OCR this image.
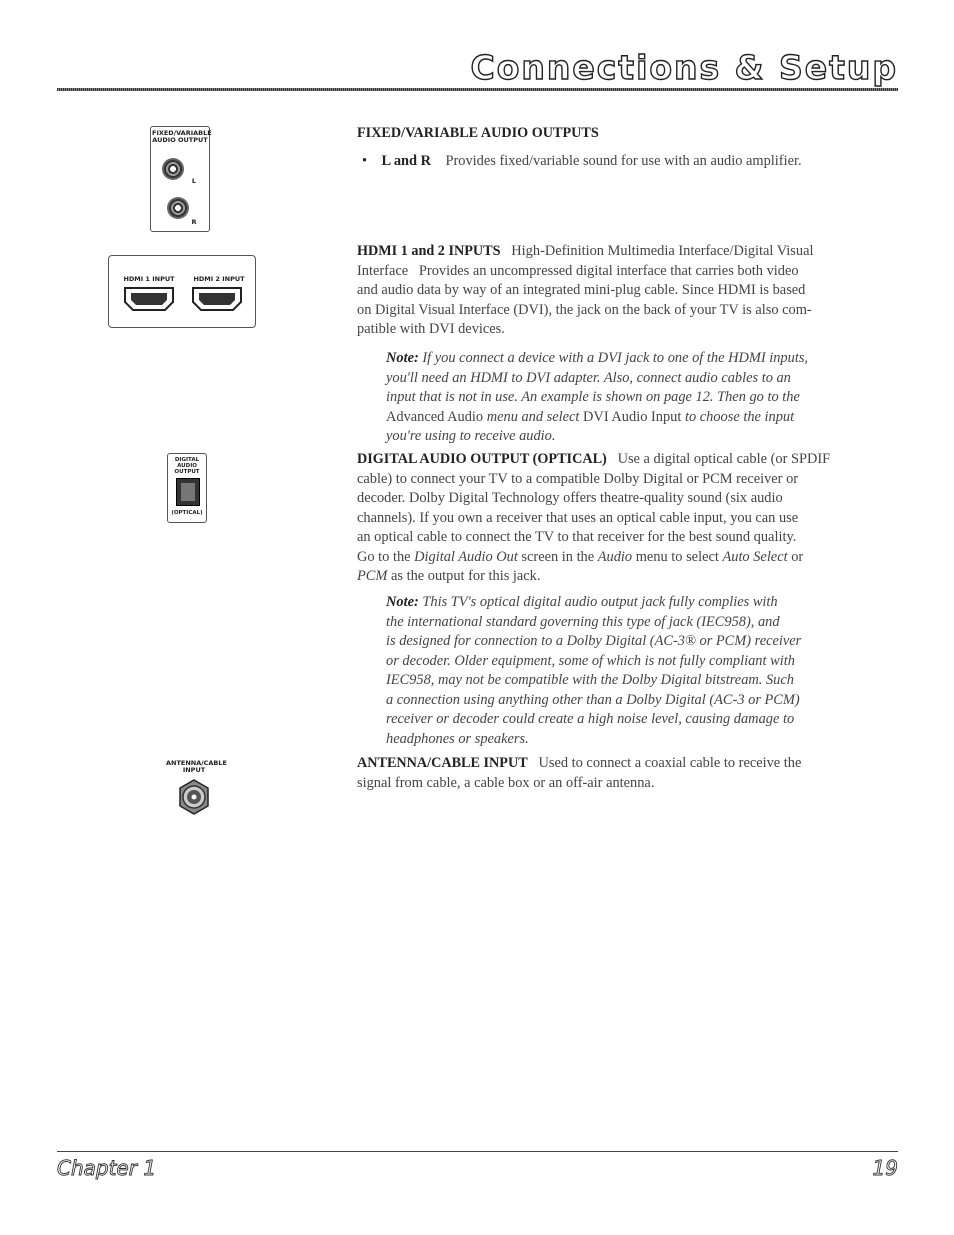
Connections & Setup
FIXED/VARIABLE AUDIO OUTPUT
L
R
HDMI 1 INPUT	HDMI 2 INPUT
DIGITAL AUDIO OUTPUT
(OPTICAL)
ANTENNA/CABLE INPUT
FIXED/VARIABLE AUDIO OUTPUTS
•    L and R Provides fixed/variable sound for use with an audio amplifier.
HDMI 1 and 2 INPUTS High-Definition Multimedia Interface/Digital Visual
Interface   Provides an uncompressed digital interface that carries both video
and audio data by way of an integrated mini-plug cable. Since HDMI is based
on Digital Visual Interface (DVI), the jack on the back of your TV is also com-
patible with DVI devices.
Note: If you connect a device with a DVI jack to one of the HDMI inputs,
you'll need an HDMI to DVI adapter. Also, connect audio cables to an
input that is not in use. An example is shown on page 12. Then go to the
Advanced Audio menu and select DVI Audio Input to choose the input
you're using to receive audio.
DIGITAL AUDIO OUTPUT (OPTICAL) Use a digital optical cable (or SPDIF
cable) to connect your TV to a compatible Dolby Digital or PCM receiver or
decoder. Dolby Digital Technology offers theatre-quality sound (six audio
channels). If you own a receiver that uses an optical cable input, you can use
an optical cable to connect the TV to that receiver for the best sound quality.
Go to the Digital Audio Out screen in the Audio menu to select Auto Select or
PCM as the output for this jack.
Note: This TV's optical digital audio output jack fully complies with
the international standard governing this type of jack (IEC958), and
is designed for connection to a Dolby Digital (AC-3® or PCM) receiver
or decoder. Older equipment, some of which is not fully compliant with
IEC958, may not be compatible with the Dolby Digital bitstream. Such
a connection using anything other than a Dolby Digital (AC-3 or PCM)
receiver or decoder could create a high noise level, causing damage to
headphones or speakers.
ANTENNA/CABLE INPUT Used to connect a coaxial cable to receive the
signal from cable, a cable box or an off-air antenna.
Chapter 1	19
